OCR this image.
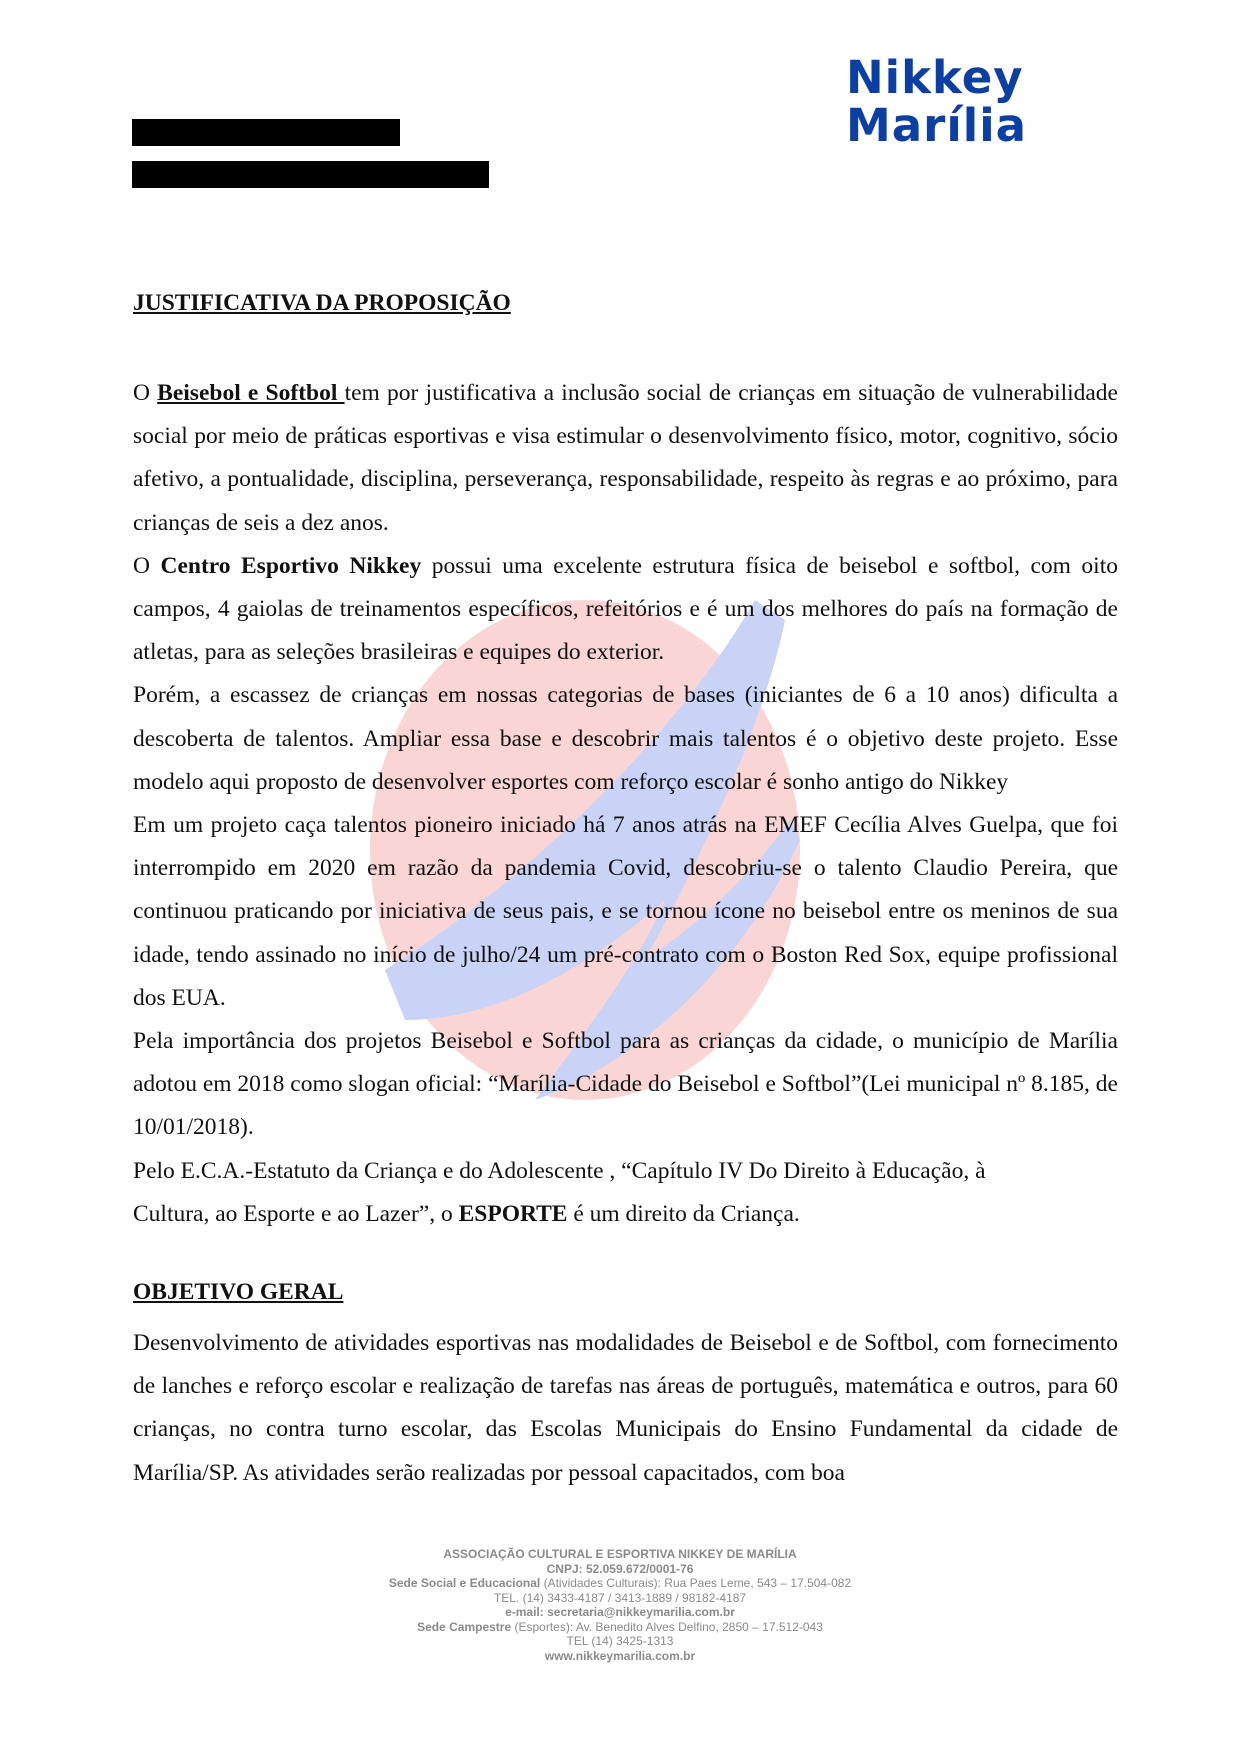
Nikkey
Marília
JUSTIFICATIVA DA PROPOSIÇÃO

O Beisebol e Softbol tem por justificativa a inclusão social de crianças em situação de vulnerabilidade social por meio de práticas esportivas e visa estimular o desenvolvimento físico, motor, cognitivo, sócio afetivo, a pontualidade, disciplina, perseverança, responsabilidade, respeito às regras e ao próximo, para crianças de seis a dez anos.

O Centro Esportivo Nikkey possui uma excelente estrutura física de beisebol e softbol, com oito campos, 4 gaiolas de treinamentos específicos, refeitórios e é um dos melhores do país na formação de atletas, para as seleções brasileiras e equipes do exterior.

Porém, a escassez de crianças em nossas categorias de bases (iniciantes de 6 a 10 anos) dificulta a descoberta de talentos. Ampliar essa base e descobrir mais talentos é o objetivo deste projeto. Esse modelo aqui proposto de desenvolver esportes com reforço escolar é sonho antigo do Nikkey

Em um projeto caça talentos pioneiro iniciado há 7 anos atrás na EMEF Cecília Alves Guelpa, que foi interrompido em 2020 em razão da pandemia Covid, descobriu-se o talento Claudio Pereira, que continuou praticando por iniciativa de seus pais, e se tornou ícone no beisebol entre os meninos de sua idade, tendo assinado no início de julho/24 um pré-contrato com o Boston Red Sox, equipe profissional dos EUA.

Pela importância dos projetos Beisebol e Softbol para as crianças da cidade, o município de Marília adotou em 2018 como slogan oficial: “Marília-Cidade do Beisebol e Softbol”(Lei municipal nº 8.185, de 10/01/2018).

Pelo E.C.A.-Estatuto da Criança e do Adolescente , “Capítulo IV Do Direito à Educação, à

Cultura, ao Esporte e ao Lazer”, o ESPORTE é um direito da Criança.

OBJETIVO GERAL

Desenvolvimento de atividades esportivas nas modalidades de Beisebol e de Softbol, com fornecimento de lanches e reforço escolar e realização de tarefas nas áreas de português, matemática e outros, para 60 crianças, no contra turno escolar, das Escolas Municipais do Ensino Fundamental da cidade de Marília/SP. As atividades serão realizadas por pessoal capacitados, com boa

ASSOCIAÇÃO CULTURAL E ESPORTIVA NIKKEY DE MARÍLIA
CNPJ: 52.059.672/0001-76
Sede Social e Educacional (Atividades Culturais): Rua Paes Leme, 543 – 17.504-082
TEL. (14) 3433-4187 / 3413-1889 / 98182-4187
e-mail: secretaria@nikkeymarilia.com.br
Sede Campestre (Esportes): Av. Benedito Alves Delfino, 2850 – 17.512-043
TEL (14) 3425-1313
www.nikkeymarilia.com.br
